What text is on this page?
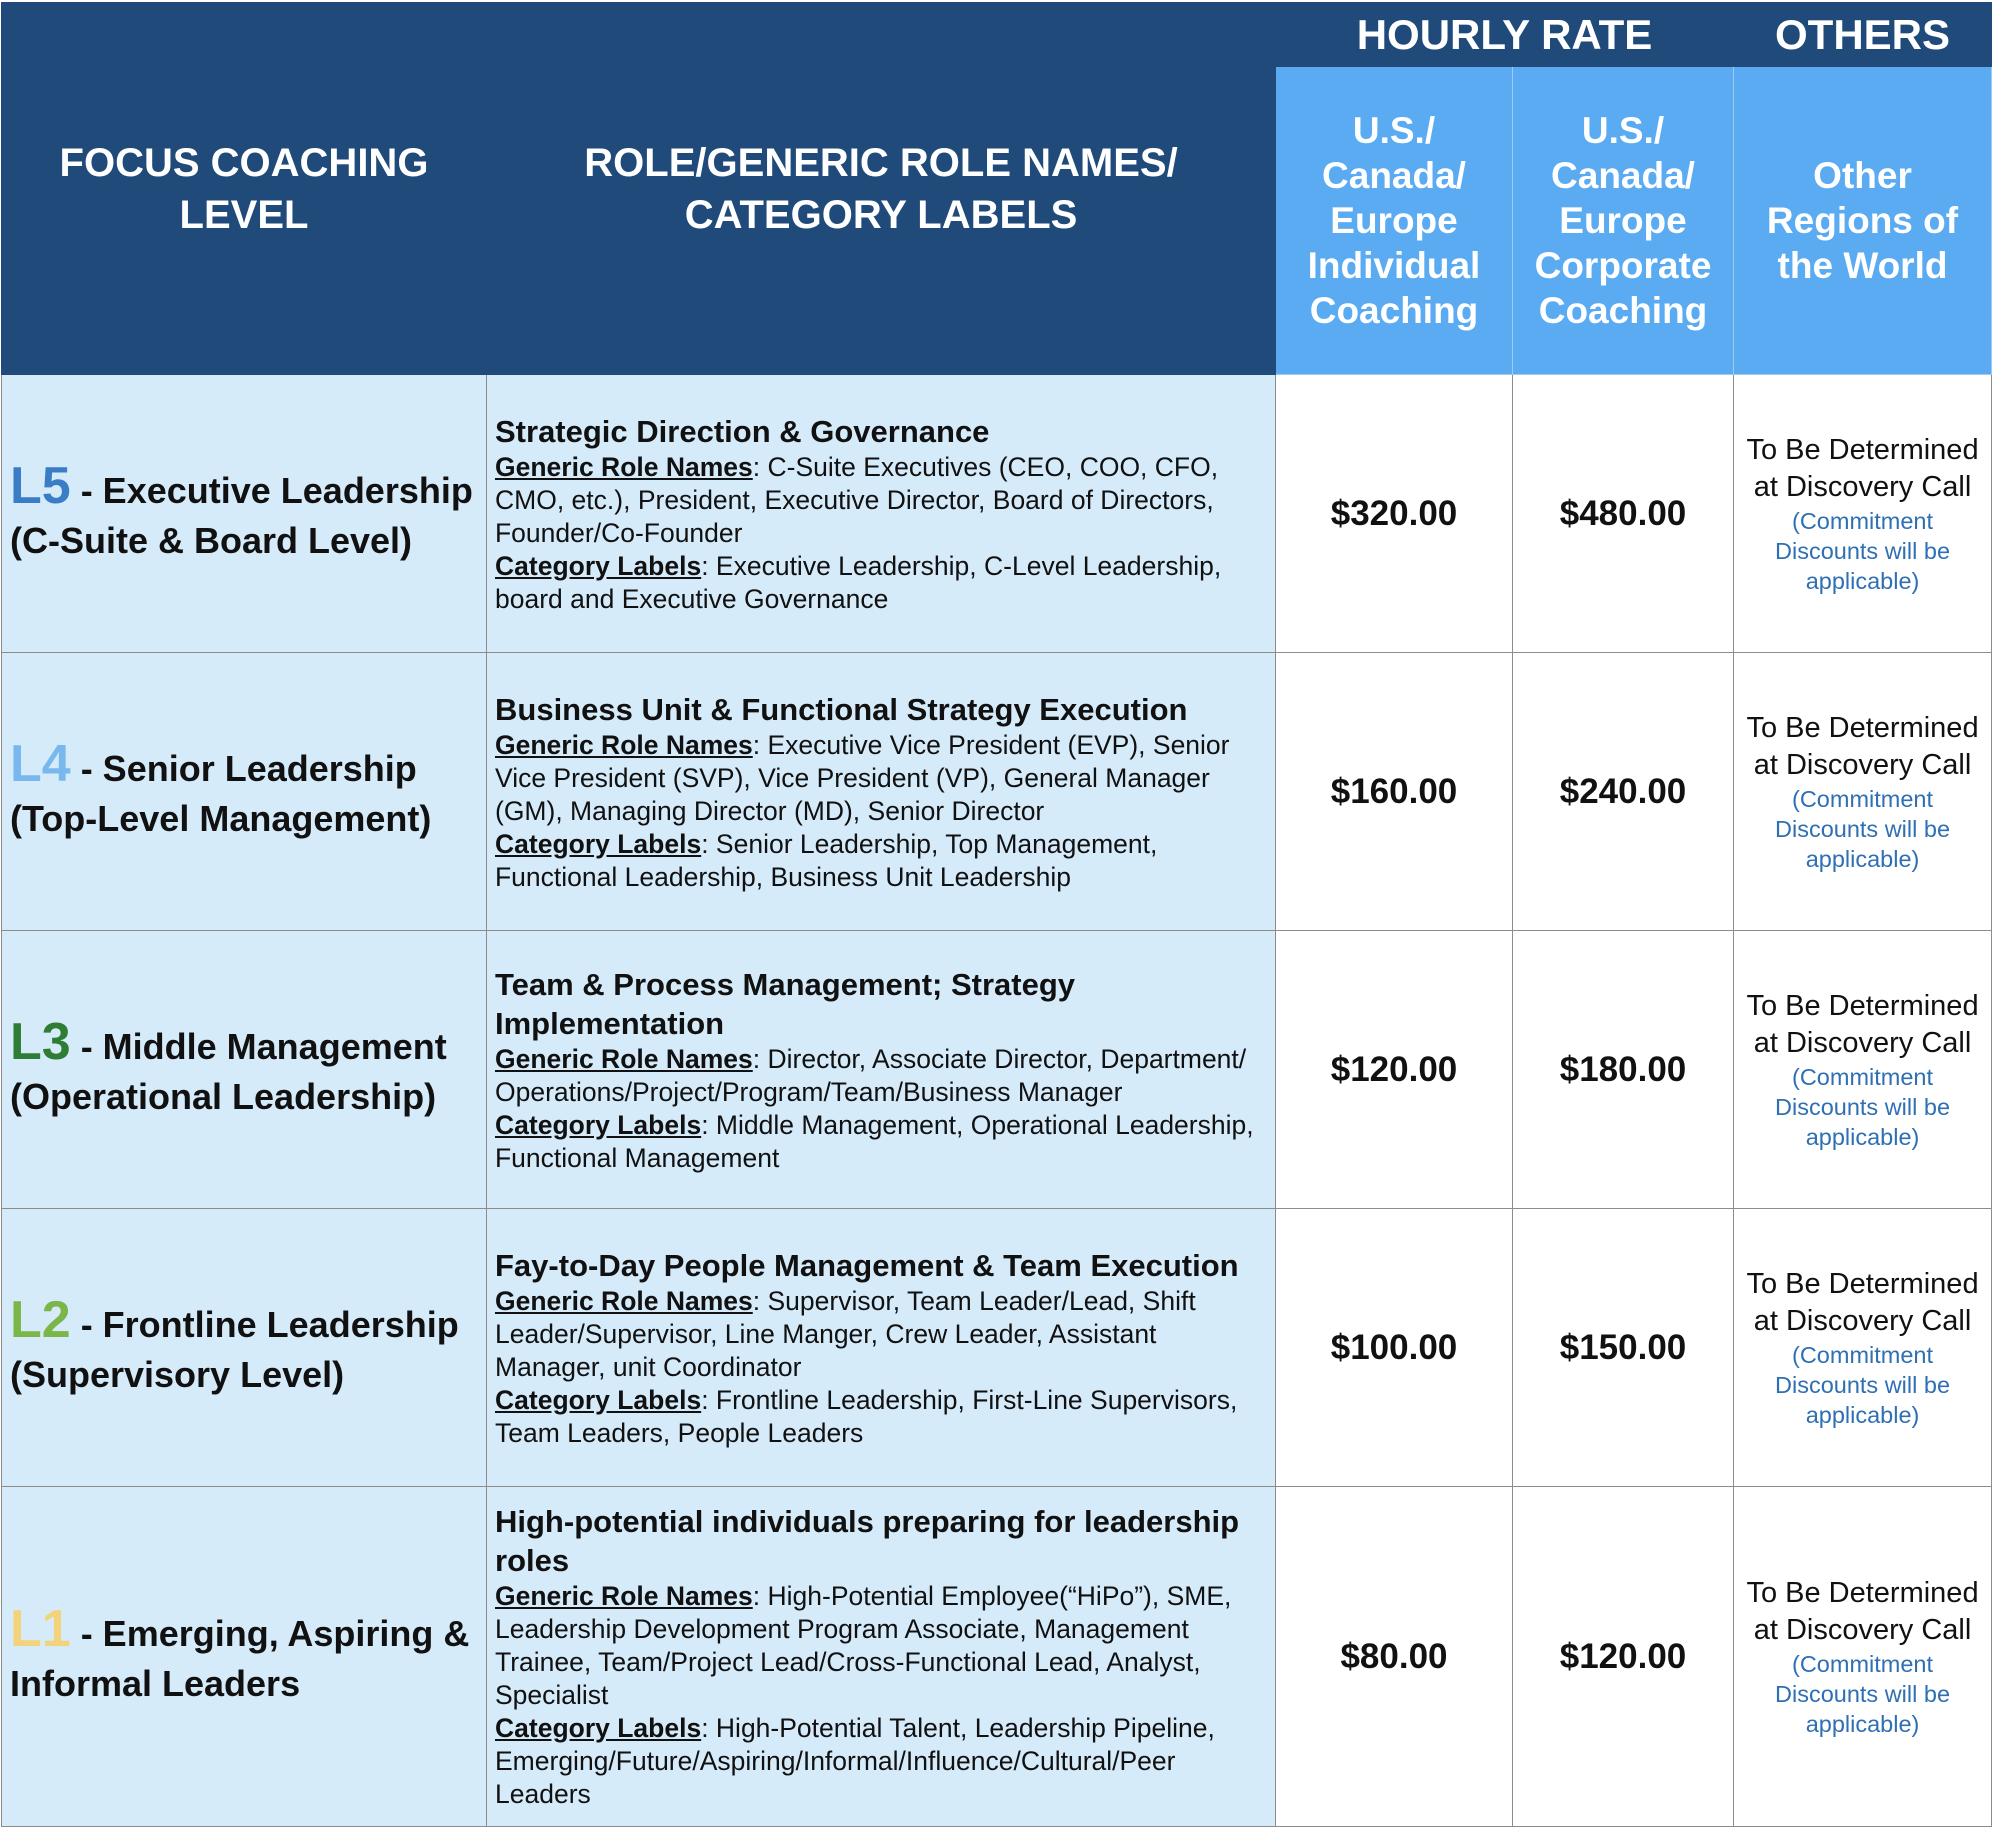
FOCUS COACHING LEVEL	ROLE/GENERIC ROLE NAMES/ CATEGORY LABELS	HOURLY RATE		OTHERS

		U.S./ Canada/ Europe Individual Coaching	U.S./ Canada/ Europe Corporate Coaching	Other Regions of the World

L5 - Executive Leadership (C-Suite & Board Level)	Strategic Direction & Governance
Generic Role Names: C-Suite Executives (CEO, COO, CFO, CMO, etc.), President, Executive Director, Board of Directors, Founder/Co-Founder
Category Labels: Executive Leadership, C-Level Leadership, board and Executive Governance	$320.00	$480.00	To Be Determined at Discovery Call
(Commitment Discounts will be applicable)

L4 - Senior Leadership (Top-Level Management)	Business Unit & Functional Strategy Execution
Generic Role Names: Executive Vice President (EVP), Senior Vice President (SVP), Vice President (VP), General Manager (GM), Managing Director (MD), Senior Director
Category Labels: Senior Leadership, Top Management, Functional Leadership, Business Unit Leadership	$160.00	$240.00	To Be Determined at Discovery Call
(Commitment Discounts will be applicable)

L3 - Middle Management (Operational Leadership)	Team & Process Management; Strategy Implementation
Generic Role Names: Director, Associate Director, Department/ Operations/Project/Program/Team/Business Manager
Category Labels: Middle Management, Operational Leadership, Functional Management	$120.00	$180.00	To Be Determined at Discovery Call
(Commitment Discounts will be applicable)

L2 - Frontline Leadership (Supervisory Level)	Fay-to-Day People Management & Team Execution
Generic Role Names: Supervisor, Team Leader/Lead, Shift Leader/Supervisor, Line Manger, Crew Leader, Assistant Manager, unit Coordinator
Category Labels: Frontline Leadership, First-Line Supervisors, Team Leaders, People Leaders	$100.00	$150.00	To Be Determined at Discovery Call
(Commitment Discounts will be applicable)

L1 - Emerging, Aspiring & Informal Leaders	High-potential individuals preparing for leadership roles
Generic Role Names: High-Potential Employee(“HiPo”), SME, Leadership Development Program Associate, Management Trainee, Team/Project Lead/Cross-Functional Lead, Analyst, Specialist
Category Labels: High-Potential Talent, Leadership Pipeline, Emerging/Future/Aspiring/Informal/Influence/Cultural/Peer Leaders	$80.00	$120.00	To Be Determined at Discovery Call
(Commitment Discounts will be applicable)
